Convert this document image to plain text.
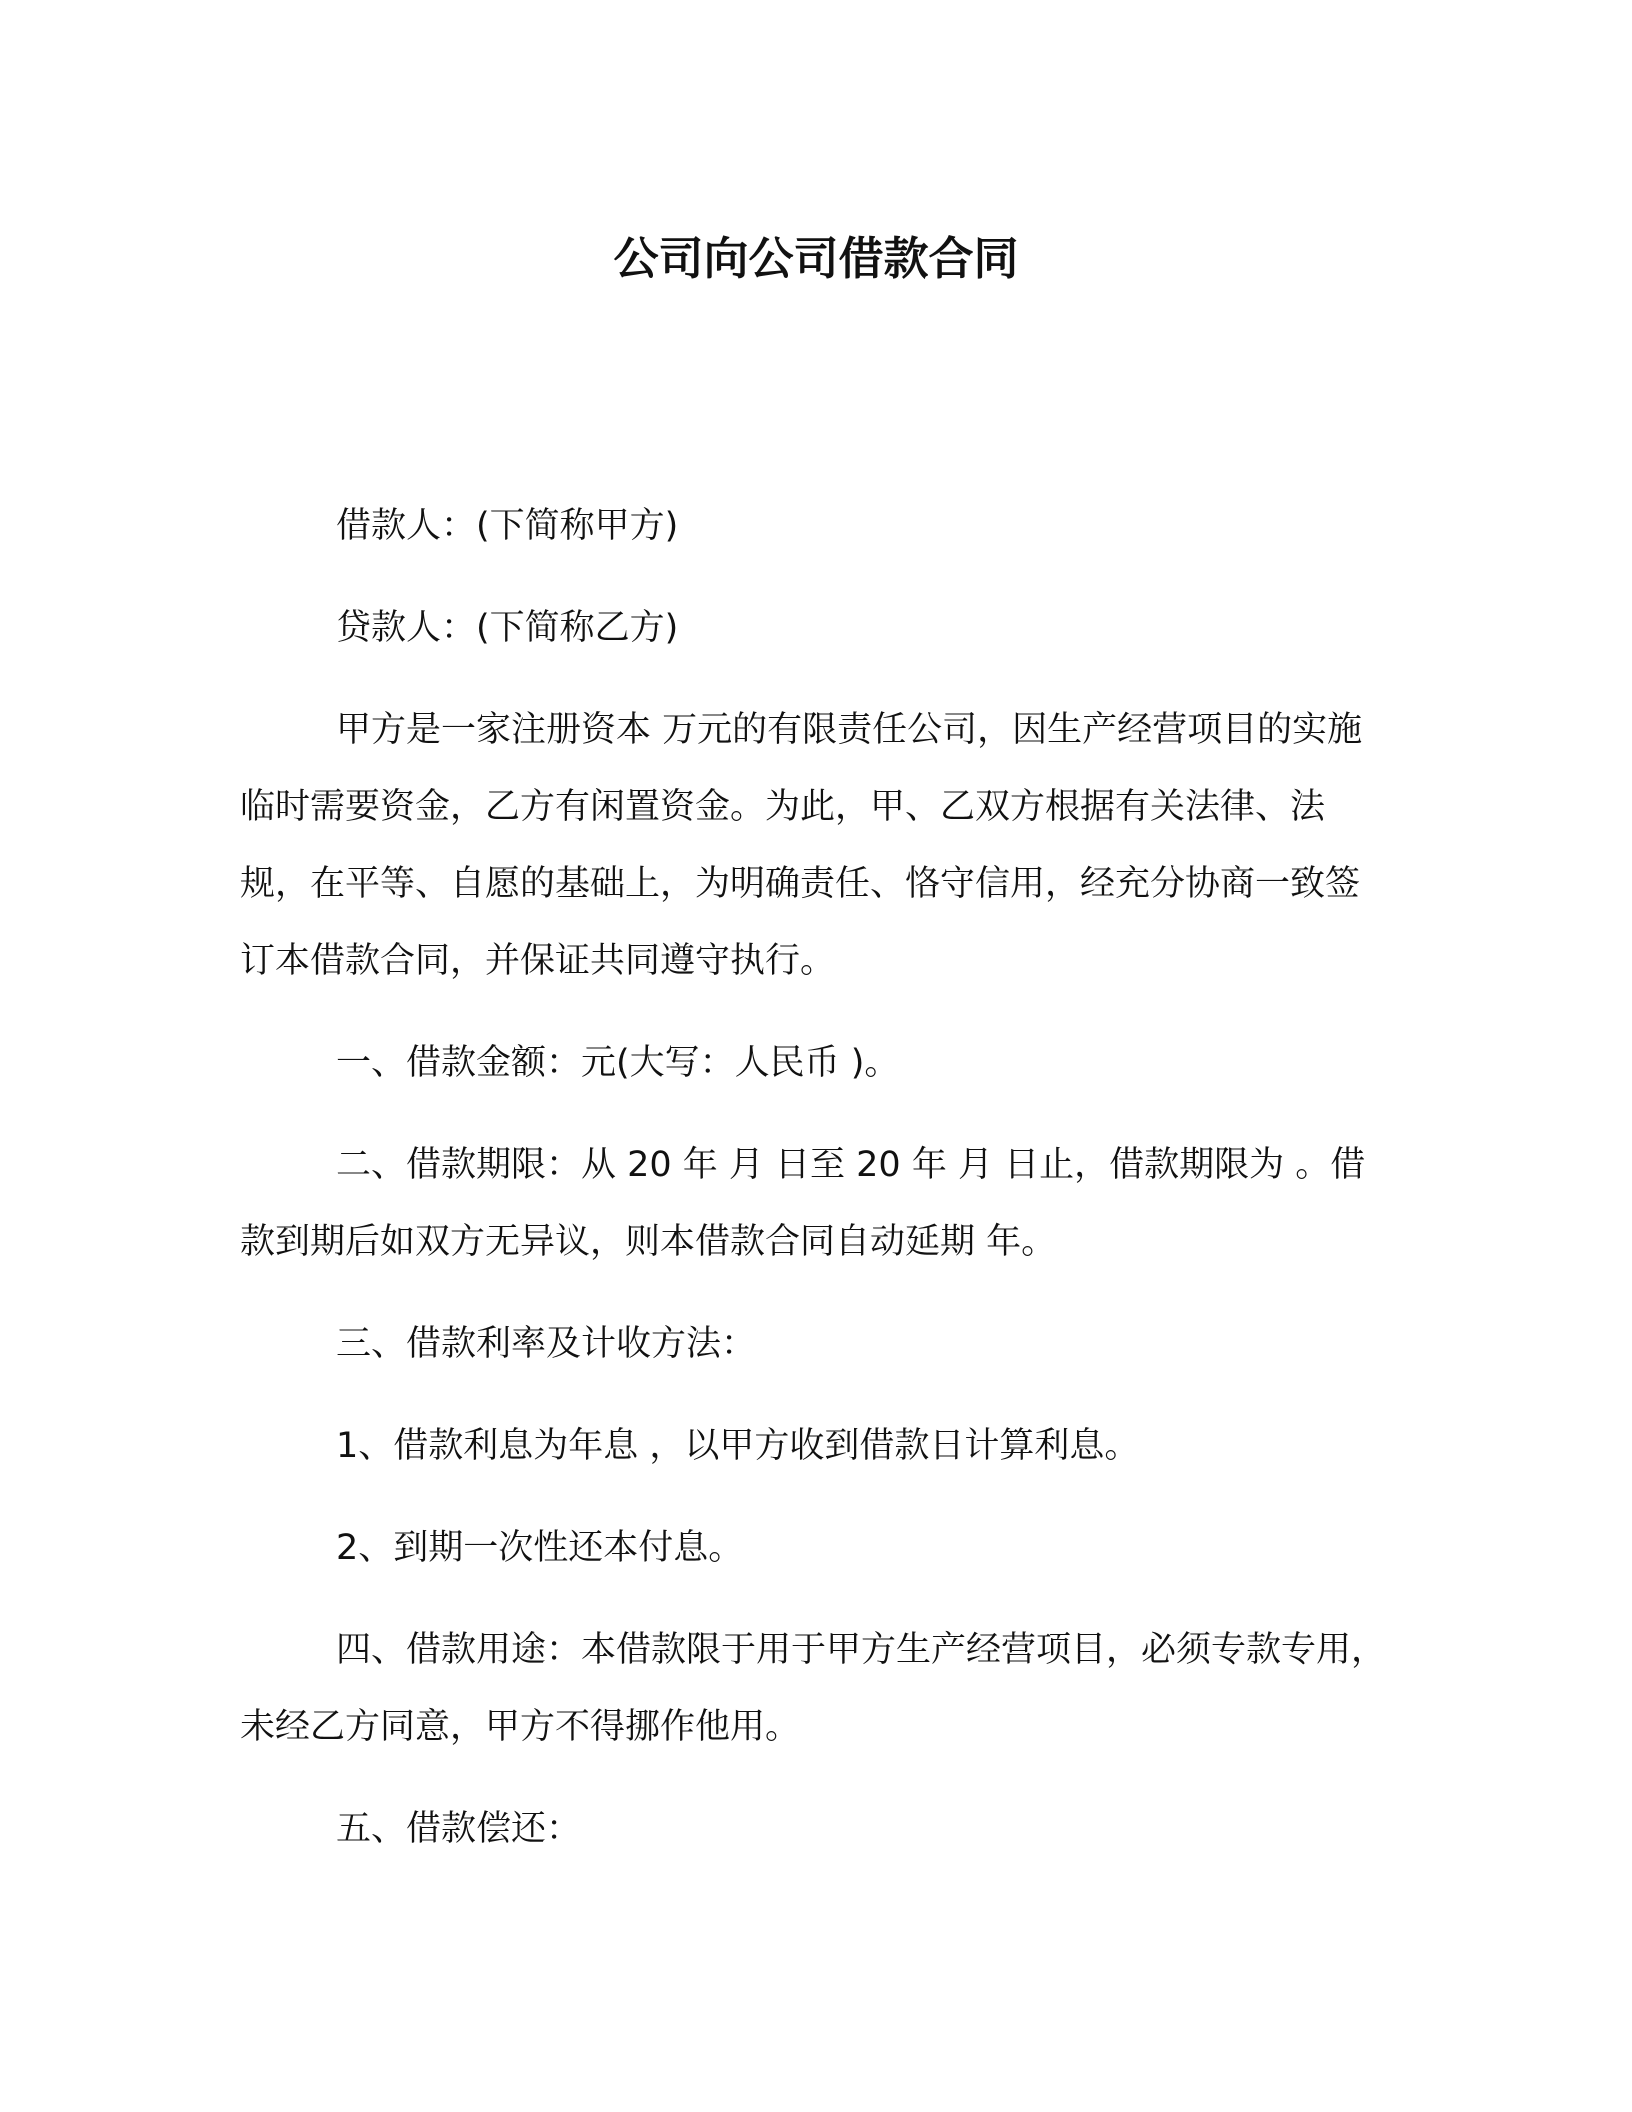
公司向公司借款合同

借款人：(下简称甲方)

贷款人：(下简称乙方)

甲方是一家注册资本 万元的有限责任公司，因生产经营项目的实施临时需要资金，乙方有闲置资金。为此，甲、乙双方根据有关法律、法规，在平等、自愿的基础上，为明确责任、恪守信用，经充分协商一致签订本借款合同，并保证共同遵守执行。

一、借款金额：元(大写：人民币 )。

二、借款期限：从 20 年 月 日至 20 年 月 日止，借款期限为 。借款到期后如双方无异议，则本借款合同自动延期 年。

三、借款利率及计收方法：

1、借款利息为年息 ，以甲方收到借款日计算利息。

2、到期一次性还本付息。

四、借款用途：本借款限于用于甲方生产经营项目，必须专款专用，未经乙方同意，甲方不得挪作他用。

五、借款偿还：
